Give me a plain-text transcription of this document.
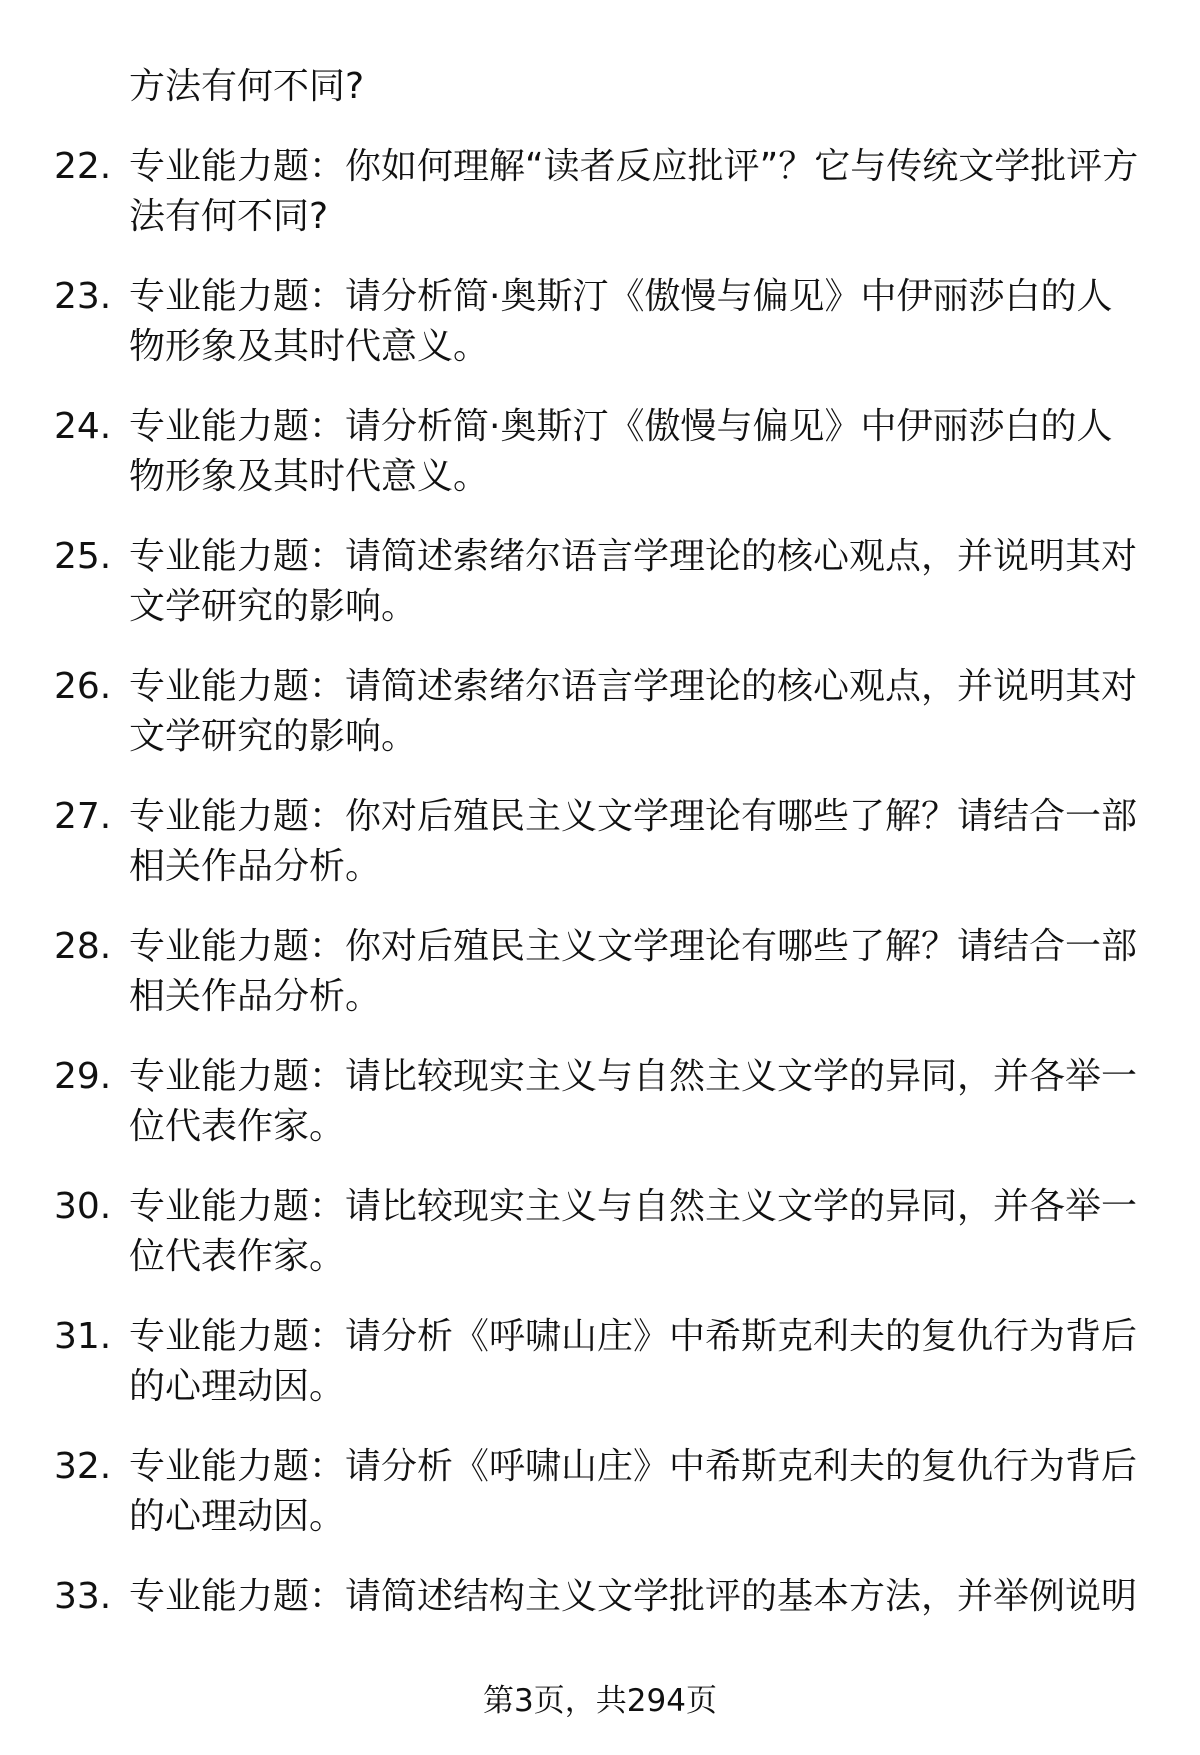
方法有何不同?
22. 专业能力题：你如何理解“读者反应批评”？它与传统文学批评方法有何不同?
23. 专业能力题：请分析简·奥斯汀《傲慢与偏见》中伊丽莎白的人物形象及其时代意义。
24. 专业能力题：请分析简·奥斯汀《傲慢与偏见》中伊丽莎白的人物形象及其时代意义。
25. 专业能力题：请简述索绪尔语言学理论的核心观点，并说明其对文学研究的影响。
26. 专业能力题：请简述索绪尔语言学理论的核心观点，并说明其对文学研究的影响。
27. 专业能力题：你对后殖民主义文学理论有哪些了解？请结合一部相关作品分析。
28. 专业能力题：你对后殖民主义文学理论有哪些了解？请结合一部相关作品分析。
29. 专业能力题：请比较现实主义与自然主义文学的异同，并各举一位代表作家。
30. 专业能力题：请比较现实主义与自然主义文学的异同，并各举一位代表作家。
31. 专业能力题：请分析《呼啸山庄》中希斯克利夫的复仇行为背后的心理动因。
32. 专业能力题：请分析《呼啸山庄》中希斯克利夫的复仇行为背后的心理动因。
33. 专业能力题：请简述结构主义文学批评的基本方法，并举例说明
第3页，共294页
